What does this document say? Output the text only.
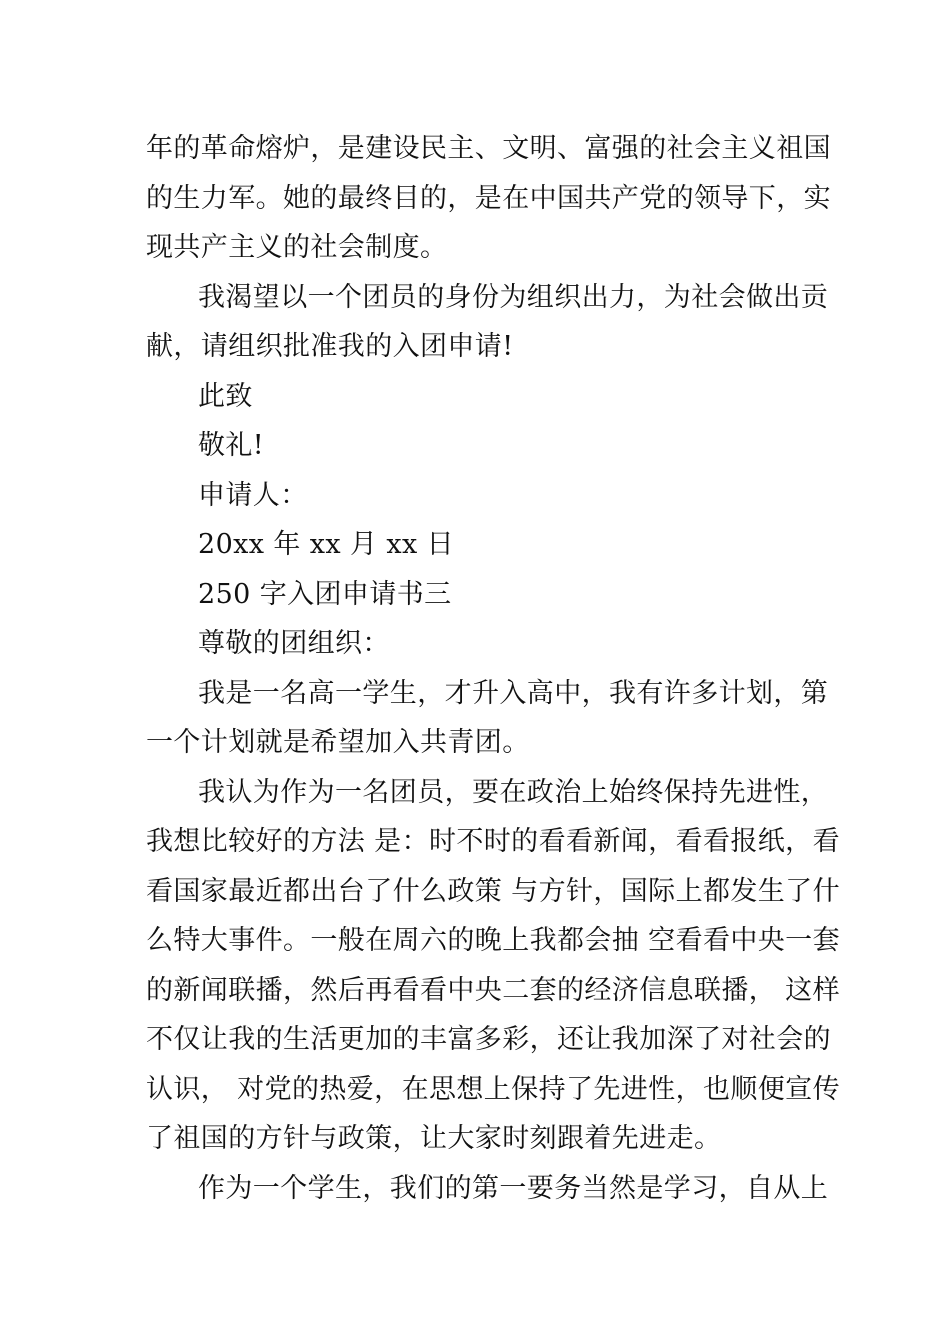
年的革命熔炉，是建设民主、文明、富强的社会主义祖国
的生力军。她的最终目的，是在中国共产党的领导下，实
现共产主义的社会制度。
我渴望以一个团员的身份为组织出力，为社会做出贡
献，请组织批准我的入团申请!
此致
敬礼!
申请人：
20xx 年 xx 月 xx 日
250 字入团申请书三
尊敬的团组织：
我是一名高一学生，才升入高中，我有许多计划，第
一个计划就是希望加入共青团。
我认为作为一名团员，要在政治上始终保持先进性，
我想比较好的方法 是：时不时的看看新闻，看看报纸，看
看国家最近都出台了什么政策 与方针，国际上都发生了什
么特大事件。一般在周六的晚上我都会抽 空看看中央一套
的新闻联播，然后再看看中央二套的经济信息联播， 这样
不仅让我的生活更加的丰富多彩，还让我加深了对社会的
认识， 对党的热爱，在思想上保持了先进性，也顺便宣传
了祖国的方针与政策，让大家时刻跟着先进走。
作为一个学生，我们的第一要务当然是学习，自从上
